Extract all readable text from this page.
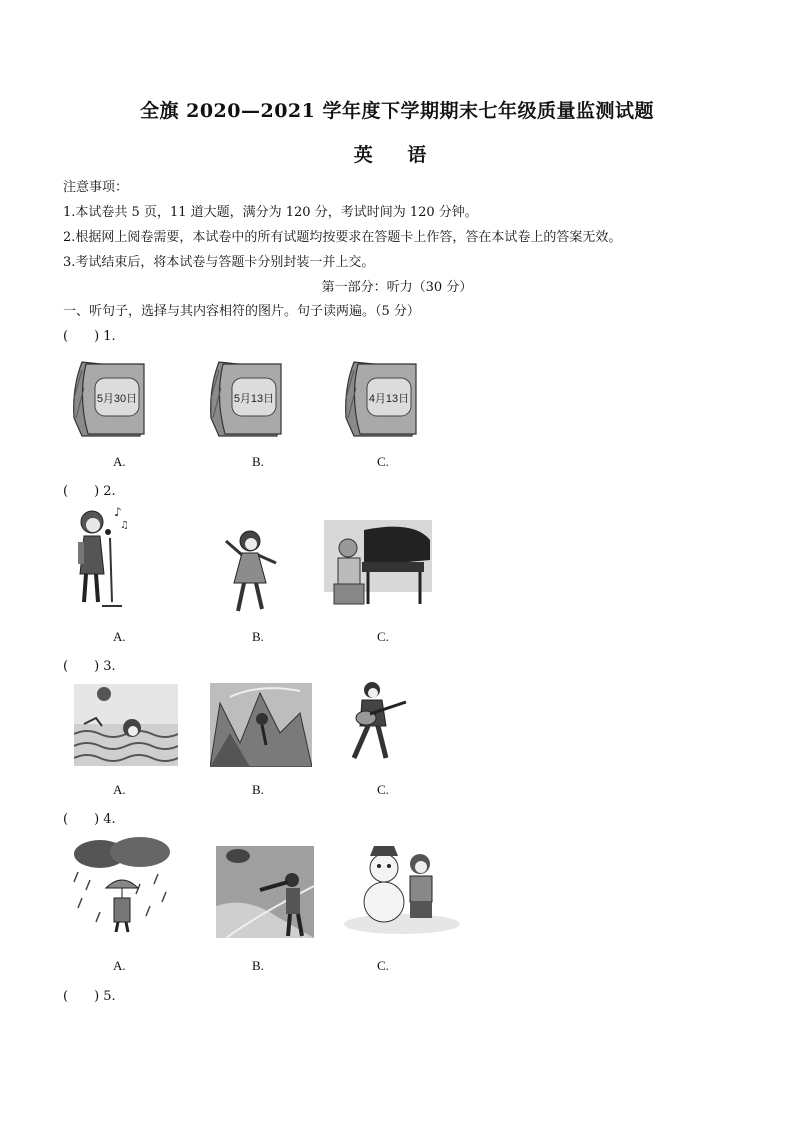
全旗 2020—2021 学年度下学期期末七年级质量监测试题
英 语
注意事项：
1.本试卷共 5 页，11 道大题，满分为 120 分，考试时间为 120 分钟。
2.根据网上阅卷需要，本试卷中的所有试题均按要求在答题卡上作答，答在本试卷上的答案无效。
3.考试结束后，将本试卷与答题卡分别封装一并上交。
第一部分：听力（30 分）
一、听句子，选择与其内容相符的图片。句子读两遍。（5 分）
(　　) 1.
5月30日	5月13日	4月13日
A.	B.	C.
(　　) 2.
♪
♫
A.	B.	C.
(　　) 3.
A.	B.	C.
(　　) 4.
A.	B.	C.
(　　) 5.
